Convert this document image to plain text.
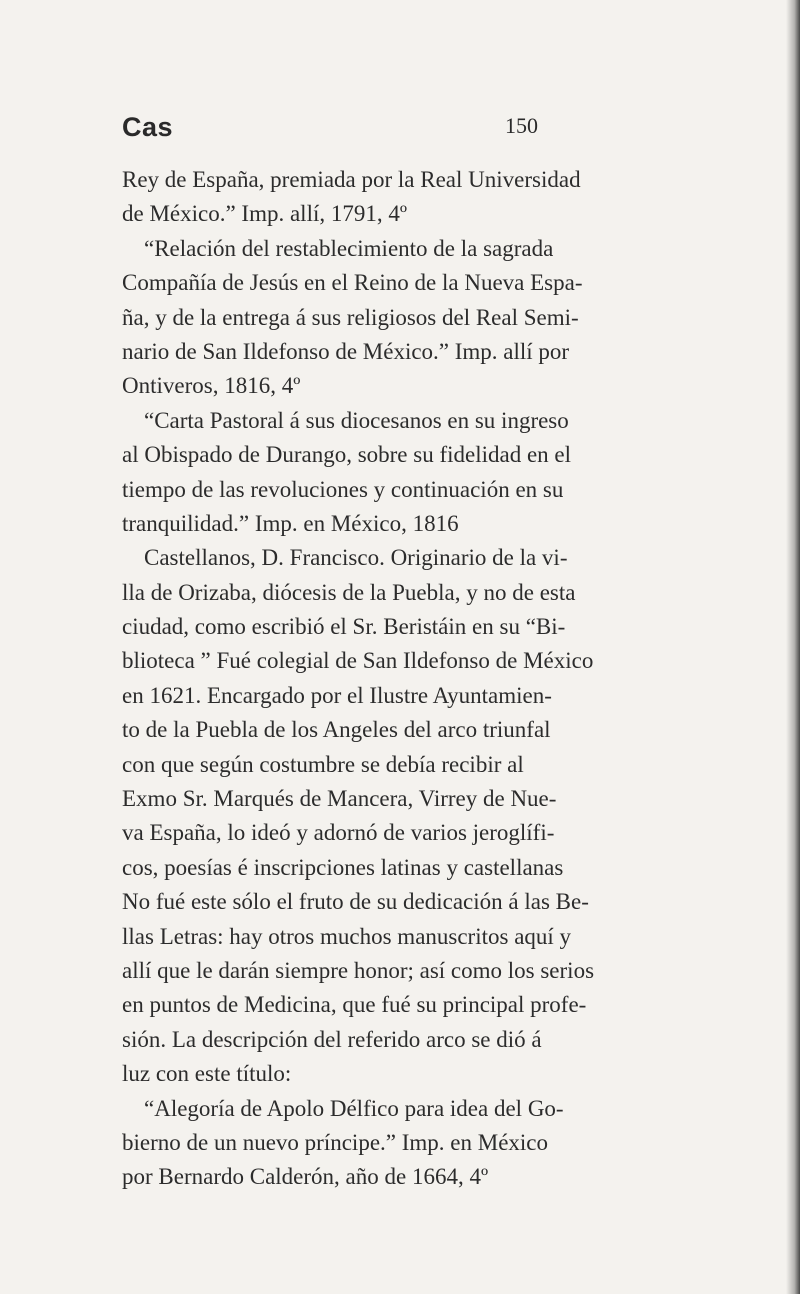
Cas	150
Rey de España, premiada por la Real Universidad
de México.” Imp. allí, 1791, 4º
“Relación del restablecimiento de la sagrada
Compañía de Jesús en el Reino de la Nueva Espa-
ña, y de la entrega á sus religiosos del Real Semi-
nario de San Ildefonso de México.” Imp. allí por
Ontiveros, 1816, 4º
“Carta Pastoral á sus diocesanos en su ingreso
al Obispado de Durango, sobre su fidelidad en el
tiempo de las revoluciones y continuación en su
tranquilidad.” Imp. en México, 1816
Castellanos, D. Francisco. Originario de la vi-
lla de Orizaba, diócesis de la Puebla, y no de esta
ciudad, como escribió el Sr. Beristáin en su “Bi-
blioteca ” Fué colegial de San Ildefonso de México
en 1621. Encargado por el Ilustre Ayuntamien-
to de la Puebla de los Angeles del arco triunfal
con que según costumbre se debía recibir al
Exmo Sr. Marqués de Mancera, Virrey de Nue-
va España, lo ideó y adornó de varios jeroglífi-
cos, poesías é inscripciones latinas y castellanas
No fué este sólo el fruto de su dedicación á las Be-
llas Letras: hay otros muchos manuscritos aquí y
allí que le darán siempre honor; así como los serios
en puntos de Medicina, que fué su principal profe-
sión. La descripción del referido arco se dió á
luz con este título:
“Alegoría de Apolo Délfico para idea del Go-
bierno de un nuevo príncipe.” Imp. en México
por Bernardo Calderón, año de 1664, 4º
